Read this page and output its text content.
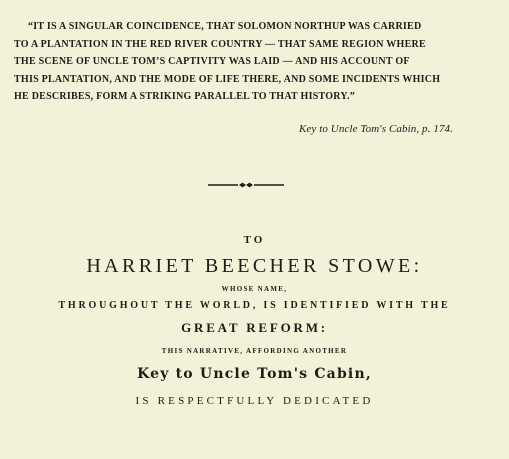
“IT IS A SINGULAR COINCIDENCE, THAT SOLOMON NORTHUP WAS CARRIED
TO A PLANTATION IN THE RED RIVER COUNTRY — THAT SAME REGION WHERE
THE SCENE OF UNCLE TOM’S CAPTIVITY WAS LAID — AND HIS ACCOUNT OF
THIS PLANTATION, AND THE MODE OF LIFE THERE, AND SOME INCIDENTS WHICH
HE DESCRIBES, FORM A STRIKING PARALLEL TO THAT HISTORY.”
Key to Uncle Tom's Cabin, p. 174.
TO
HARRIET BEECHER STOWE:
WHOSE NAME,
THROUGHOUT THE WORLD, IS IDENTIFIED WITH THE
GREAT REFORM:
THIS NARRATIVE, AFFORDING ANOTHER
Key to Uncle Tom's Cabin,
IS RESPECTFULLY DEDICATED
